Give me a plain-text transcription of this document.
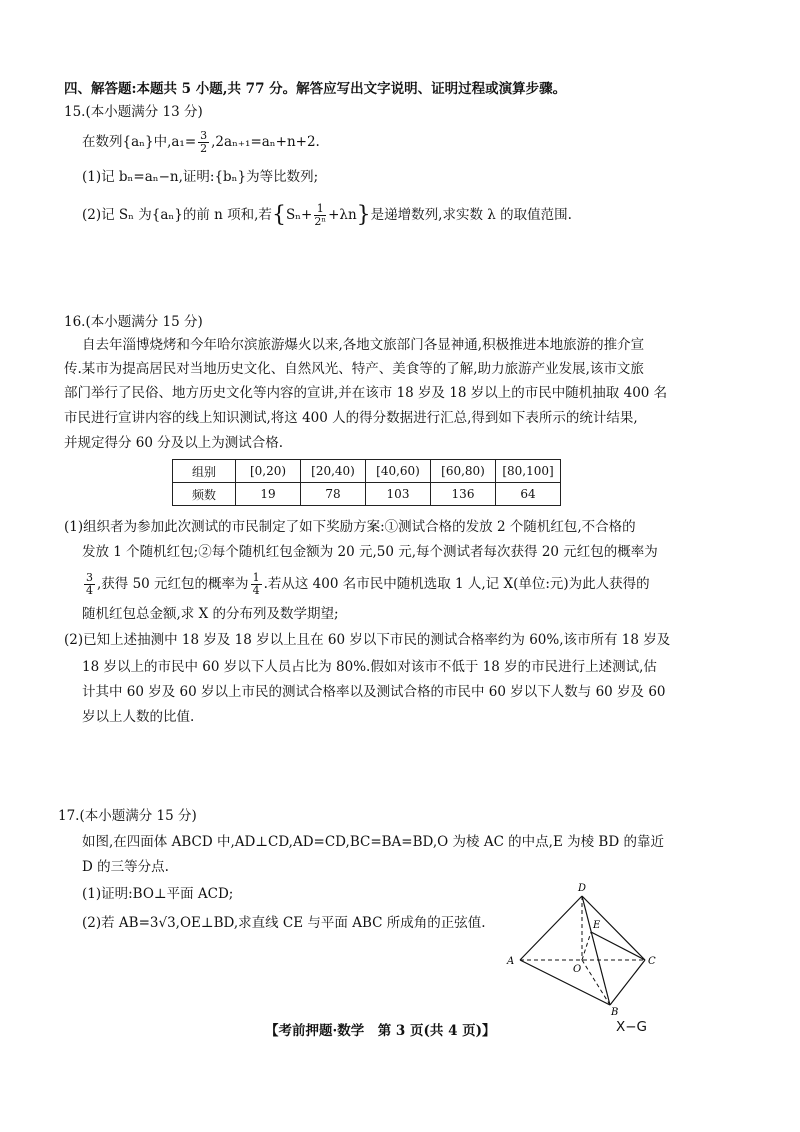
四、解答题:本题共 5 小题,共 77 分。解答应写出文字说明、证明过程或演算步骤。
15.(本小题满分 13 分)
在数列{aₙ}中$,a_1= \frac{3}{2} ,2a_{n+1}=a_n+n+2$.
(1)记 bₙ=aₙ−n,证明:{bₙ}为等比数列;
(2)记 Sₙ 为{aₙ}的前 n 项和,若$\{S_n+ \frac{1}{\text{2ⁿ}} +\lambda n\}$是递增数列,求实数 λ 的取值范围.
16.(本小题满分 15 分)
自去年淄博烧烤和今年哈尔滨旅游爆火以来,各地文旅部门各显神通,积极推进本地旅游的推介宣
传.某市为提高居民对当地历史文化、自然风光、特产、美食等的了解,助力旅游产业发展,该市文旅
部门举行了民俗、地方历史文化等内容的宣讲,并在该市 18 岁及 18 岁以上的市民中随机抽取 400 名
市民进行宣讲内容的线上知识测试,将这 400 人的得分数据进行汇总,得到如下表所示的统计结果,
并规定得分 60 分及以上为测试合格.
组别	[0,20)	[20,40)	[40,60)	[60,80)	[80,100]
频数	19	78	103	136	64
(1)组织者为参加此次测试的市民制定了如下奖励方案:①测试合格的发放 2 个随机红包,不合格的
发放 1 个随机红包;②每个随机红包金额为 20 元,50 元,每个测试者每次获得 20 元红包的概率为
$\frac{3}{4}$ ,获得 50 元红包的概率为 $\frac{1}{4}$ .若从这 400 名市民中随机选取 1 人,记 X(单位:元)为此人获得的
随机红包总金额,求 X 的分布列及数学期望;
(2)已知上述抽测中 18 岁及 18 岁以上且在 60 岁以下市民的测试合格率约为 60%,该市所有 18 岁及
18 岁以上的市民中 60 岁以下人员占比为 80%.假如对该市不低于 18 岁的市民进行上述测试,估
计其中 60 岁及 60 岁以上市民的测试合格率以及测试合格的市民中 60 岁以下人数与 60 岁及 60
岁以上人数的比值.
17.(本小题满分 15 分)
如图,在四面体 ABCD 中,AD⊥CD,AD=CD,BC=BA=BD,O 为棱 AC 的中点,E 为棱 BD 的靠近
D 的三等分点.
(1)证明:BO⊥平面 ACD;
(2)若 AB=3√3,OE⊥BD,求直线 CE 与平面 ABC 所成角的正弦值.
D
E
A	C
O
B
【考前押题·数学　第 3 页(共 4 页)】	X−G
